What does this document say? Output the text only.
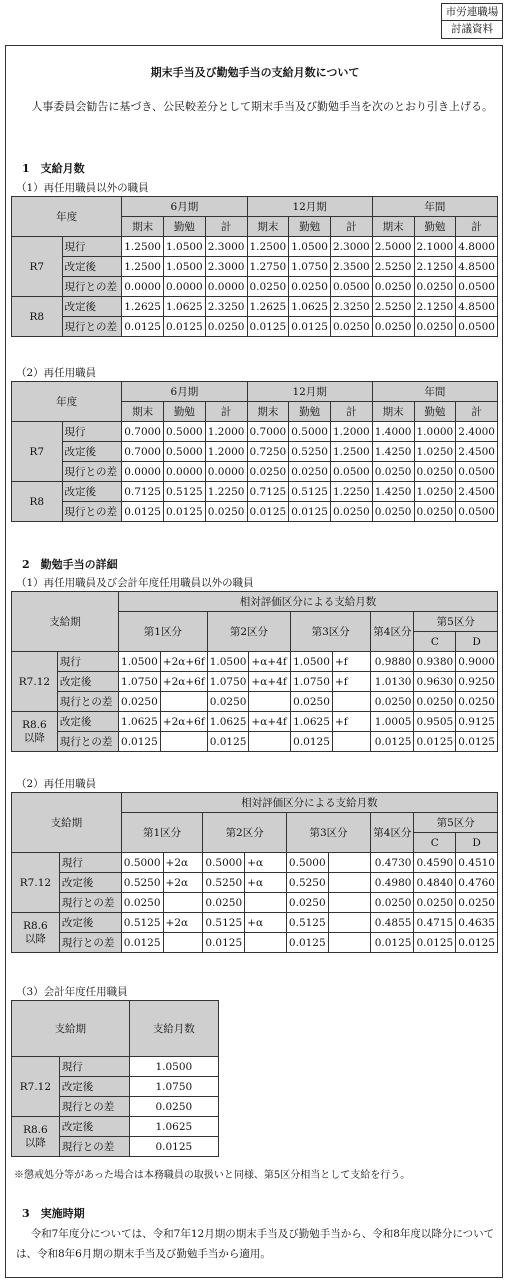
市労連職場
討議資料
期末手当及び勤勉手当の支給月数について
人事委員会勧告に基づき、公民較差分として期末手当及び勤勉手当を次のとおり引き上げる。
1　支給月数
（1）再任用職員以外の職員
年度		6月期			12月期			年間		
		期末	勤勉	計	期末	勤勉	計	期末	勤勉	計
R7	現行	1.2500	1.0500	2.3000	1.2500	1.0500	2.3000	2.5000	2.1000	4.8000
	改定後	1.2500	1.0500	2.3000	1.2750	1.0750	2.3500	2.5250	2.1250	4.8500
	現行との差	0.0000	0.0000	0.0000	0.0250	0.0250	0.0500	0.0250	0.0250	0.0500
R8	改定後	1.2625	1.0625	2.3250	1.2625	1.0625	2.3250	2.5250	2.1250	4.8500
	現行との差	0.0125	0.0125	0.0250	0.0125	0.0125	0.0250	0.0250	0.0250	0.0500
（2）再任用職員
年度		6月期			12月期			年間		
		期末	勤勉	計	期末	勤勉	計	期末	勤勉	計
R7	現行	0.7000	0.5000	1.2000	0.7000	0.5000	1.2000	1.4000	1.0000	2.4000
	改定後	0.7000	0.5000	1.2000	0.7250	0.5250	1.2500	1.4250	1.0250	2.4500
	現行との差	0.0000	0.0000	0.0000	0.0250	0.0250	0.0500	0.0250	0.0250	0.0500
R8	改定後	0.7125	0.5125	1.2250	0.7125	0.5125	1.2250	1.4250	1.0250	2.4500
	現行との差	0.0125	0.0125	0.0250	0.0125	0.0125	0.0250	0.0250	0.0250	0.0500
2　勤勉手当の詳細
（1）再任用職員及び会計年度任用職員以外の職員
支給期		相対評価区分による支給月数								
		第1区分		第2区分		第3区分		第4区分	第5区分	
									C	D
R7.12	現行	1.0500	+2α+6f	1.0500	+α+4f	1.0500	+f	0.9880	0.9380	0.9000
	改定後	1.0750	+2α+6f	1.0750	+α+4f	1.0750	+f	1.0130	0.9630	0.9250
	現行との差	0.0250		0.0250		0.0250		0.0250	0.0250	0.0250
R8.6
以降	改定後	1.0625	+2α+6f	1.0625	+α+4f	1.0625	+f	1.0005	0.9505	0.9125
	現行との差	0.0125		0.0125		0.0125		0.0125	0.0125	0.0125
（2）再任用職員
支給期		相対評価区分による支給月数								
		第1区分		第2区分		第3区分		第4区分	第5区分	
									C	D
R7.12	現行	0.5000	+2α	0.5000	+α	0.5000		0.4730	0.4590	0.4510
	改定後	0.5250	+2α	0.5250	+α	0.5250		0.4980	0.4840	0.4760
	現行との差	0.0250		0.0250		0.0250		0.0250	0.0250	0.0250
R8.6
以降	改定後	0.5125	+2α	0.5125	+α	0.5125		0.4855	0.4715	0.4635
	現行との差	0.0125		0.0125		0.0125		0.0125	0.0125	0.0125
（3）会計年度任用職員
支給期		支給月数
R7.12	現行	1.0500
	改定後	1.0750
	現行との差	0.0250
R8.6
以降	改定後	1.0625
	現行との差	0.0125
※懲戒処分等があった場合は本務職員の取扱いと同様、第5区分相当として支給を行う。
3　実施時期
令和7年度分については、令和7年12月期の期末手当及び勤勉手当から、令和8年度以降分については、令和8年6月期の期末手当及び勤勉手当から適用。
